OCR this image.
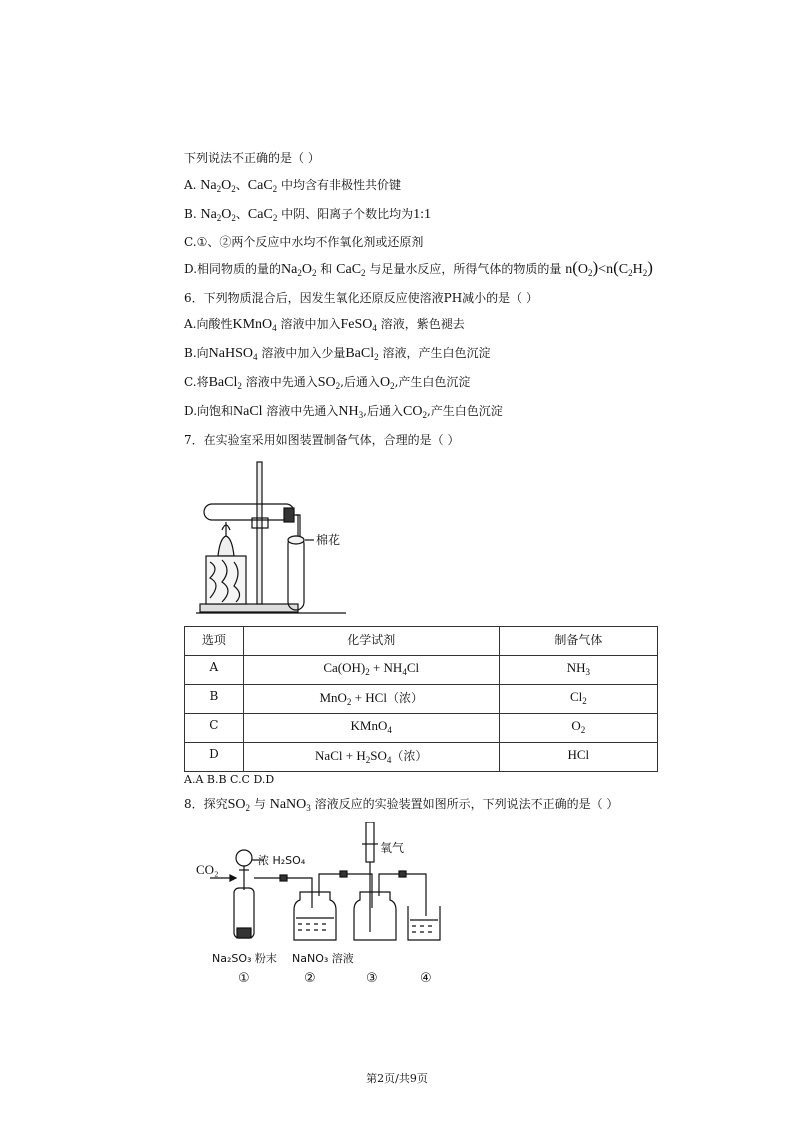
下列说法不正确的是（ ）
A. $Na_2O_2$、CaC$_2$ 中均含有非极性共价键
B. $Na_2O_2$、CaC$_2$ 中阴、阳离子个数比均为1:1
C.①、②两个反应中水均不作氧化剂或还原剂
D.相同物质的量的$Na_2O_2$ 和 CaC$_2$ 与足量水反应，所得气体的物质的量 $n(O_2)<n(C_2H_2)$
6．下列物质混合后，因发生氧化还原反应使溶液PH减小的是（ ）
A.向酸性KMnO$_4$ 溶液中加入FeSO$_4$ 溶液，紫色褪去
B.向NaHSO$_4$ 溶液中加入少量BaCl$_2$ 溶液，产生白色沉淀
C.将BaCl$_2$ 溶液中先通入$SO_2$,后通入$O_2$,产生白色沉淀
D.向饱和NaCl 溶液中先通入$NH_3$,后通入$CO_2$,产生白色沉淀
7．在实验室采用如图装置制备气体，合理的是（ ）
棉花
选项	化学试剂	制备气体

A	$Ca(OH)_2 + NH_4Cl$	$NH_3$

B	MnO$_2$ + HCl（浓）	$Cl_2$

C	KMnO$_4$	$O_2$

D	NaCl + $H_2SO_4$（浓）	HCl
A.A B.B C.C D.D
8．探究$SO_2$ 与 NaNO$_3$ 溶液反应的实验装置如图所示，下列说法不正确的是（ ）
CO₂
浓 H₂SO₄
氧气
Na₂SO₃ 粉末 NaNO₃ 溶液
①	②	③	④
第2页/共9页
